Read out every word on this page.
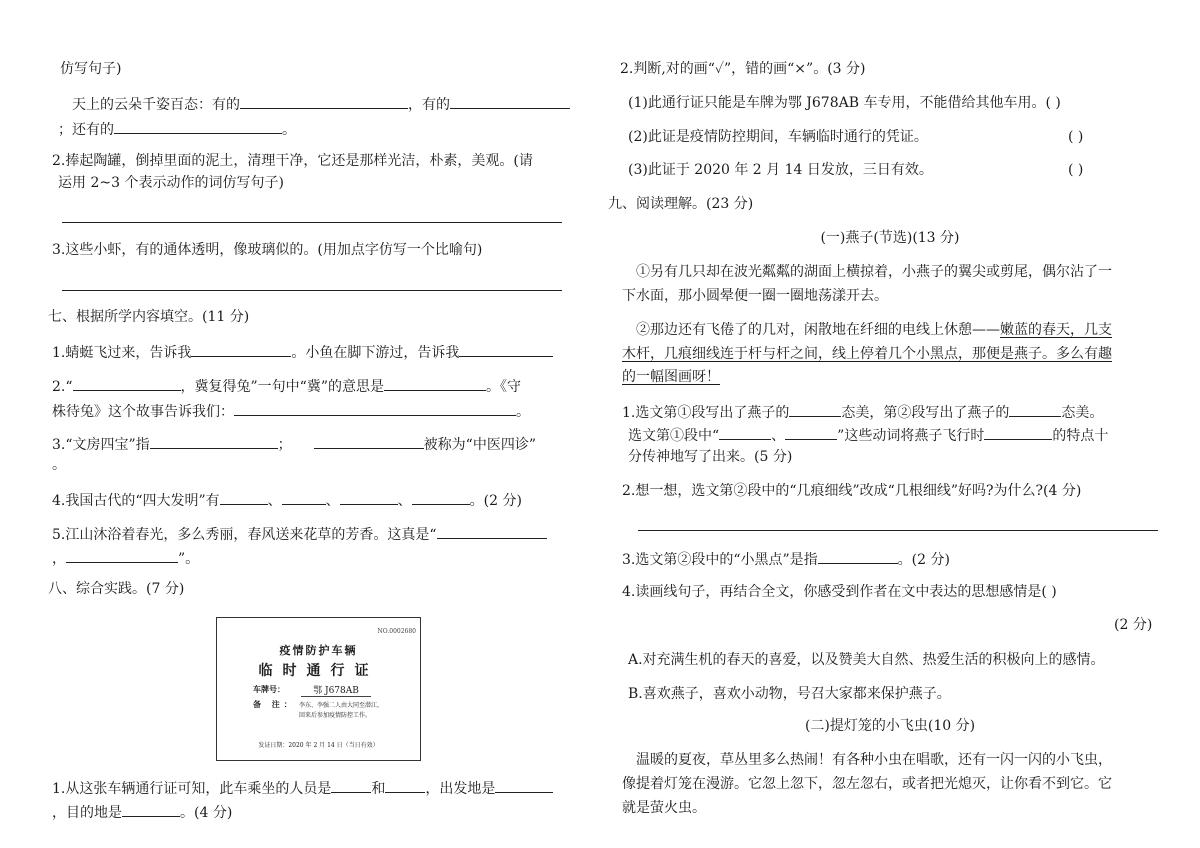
仿写句子)
天上的云朵千姿百态：有的	，有的
；还有的	。
2.捧起陶罐，倒掉里面的泥土，清理干净，它还是那样光洁，朴素，美观。(请
运用 2~3 个表示动作的词仿写句子)
3.这些小虾，有的通体透明，像玻璃似的。(用加点字仿写一个比喻句)
七、根据所学内容填空。(11 分)
1.蜻蜓飞过来，告诉我	。小鱼在脚下游过，告诉我
2.“	，冀复得兔”一句中“冀”的意思是	。《守
株待兔》这个故事告诉我们：	。
3.“文房四宝”指	；	被称为“中医四诊”
。
4.我国古代的“四大发明”有	、	、	、	。(2 分)
5.江山沐浴着春光，多么秀丽，春风送来花草的芳香。这真是“
，	”。
八、综合实践。(7 分)
NO.0002680
疫情防护车辆
临时通行证
车牌号：	鄂 J678AB
备 注： 李东、李强二人由大同至潜江，
回来后参加疫情防控工作。
发证日期：2020 年 2 月 14 日（当日有效）
1.从这张车辆通行证可知，此车乘坐的人员是	和	，出发地是
，目的地是	。(4 分)
2.判断,对的画“✓”，错的画“×”。(3 分)
(1)此通行证只能是车牌为鄂 J678AB 车专用，不能借给其他车用。( )
(2)此证是疫情防控期间，车辆临时通行的凭证。	( )
(3)此证于 2020 年 2 月 14 日发放，三日有效。	( )
九、阅读理解。(23 分)
(一)燕子(节选)(13 分)
①另有几只却在波光粼粼的湖面上横掠着，小燕子的翼尖或剪尾，偶尔沾了一
下水面，那小圆晕便一圈一圈地荡漾开去。
②那边还有飞倦了的几对，闲散地在纤细的电线上休憩——嫩蓝的春天，几支
木杆，几痕细线连于杆与杆之间，线上停着几个小黑点，那便是燕子。多么有趣
的一幅图画呀！
1.选文第①段写出了燕子的	态美，第②段写出了燕子的	态美。
选文第①段中“	、	”这些动词将燕子飞行时	的特点十
分传神地写了出来。(5 分)
2.想一想，选文第②段中的“几痕细线”改成“几根细线”好吗?为什么?(4 分)
3.选文第②段中的“小黑点”是指	。(2 分)
4.读画线句子，再结合全文，你感受到作者在文中表达的思想感情是( )
(2 分)
A.对充满生机的春天的喜爱，以及赞美大自然、热爱生活的积极向上的感情。
B.喜欢燕子，喜欢小动物，号召大家都来保护燕子。
(二)提灯笼的小飞虫(10 分)
温暖的夏夜，草丛里多么热闹！有各种小虫在唱歌，还有一闪一闪的小飞虫，
像提着灯笼在漫游。它忽上忽下，忽左忽右，或者把光熄灭，让你看不到它。它
就是萤火虫。
